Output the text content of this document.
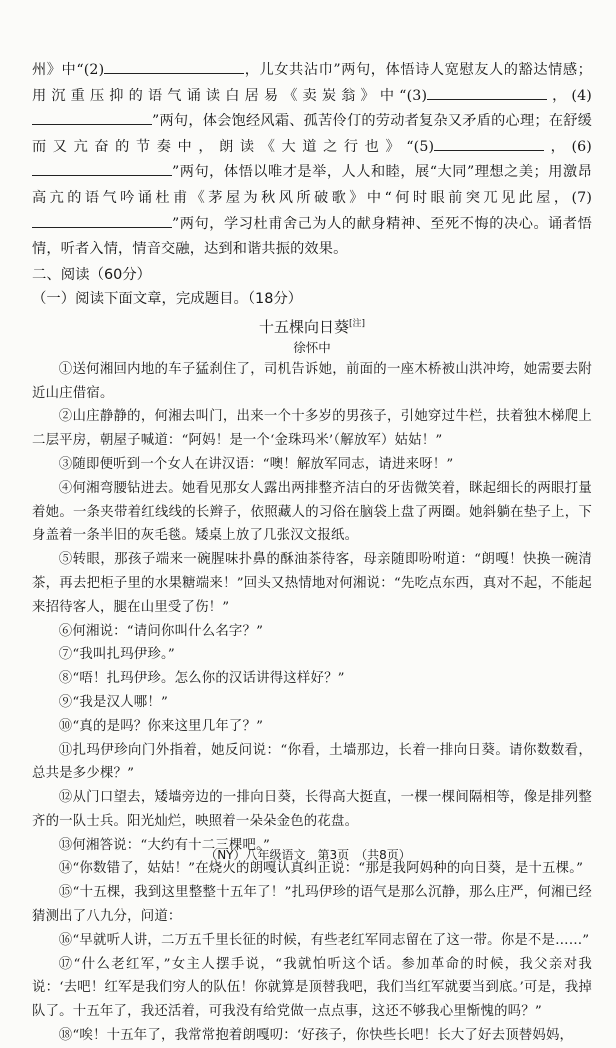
州》中“(2)	，儿女共沾巾”两句，体悟诗人宽慰友人的豁达情感；用沉重压抑的语气诵读白居易《卖炭翁》中“(3)	，(4)”两句，体会饱经风霜、孤苦伶仃的劳动者复杂又矛盾的心理；在舒缓而又亢奋的节奏中，朗读《大道之行也》“(5)	，(6)”两句，体悟以唯才是举，人人和睦，展“大同”理想之美；用激昂高亢的语气吟诵杜甫《茅屋为秋风所破歌》中“何时眼前突兀见此屋，(7)”两句，学习杜甫舍己为人的献身精神、至死不悔的决心。诵者悟情，听者入情，情音交融，达到和谐共振的效果。

二、阅读（60分）
（一）阅读下面文章，完成题目。（18分）
十五棵向日葵[注]
徐怀中

①送何湘回内地的车子猛刹住了，司机告诉她，前面的一座木桥被山洪冲垮，她需要去附近山庄借宿。

②山庄静静的，何湘去叫门，出来一个十多岁的男孩子，引她穿过牛栏，扶着独木梯爬上二层平房，朝屋子喊道：“阿妈！是一个‘金珠玛米’（解放军）姑姑！”

③随即便听到一个女人在讲汉语：“噢！解放军同志，请进来呀！”

④何湘弯腰钻进去。她看见那女人露出两排整齐洁白的牙齿微笑着，眯起细长的两眼打量着她。一条夹带着红线线的长辫子，依照藏人的习俗在脑袋上盘了两圈。她斜躺在垫子上，下身盖着一条半旧的灰毛毯。矮桌上放了几张汉文报纸。

⑤转眼，那孩子端来一碗腥味扑鼻的酥油茶待客，母亲随即吩咐道：“朗嘎！快换一碗清茶，再去把柜子里的水果糖端来！”回头又热情地对何湘说：“先吃点东西，真对不起，不能起来招待客人，腿在山里受了伤！”

⑥何湘说：“请问你叫什么名字？”

⑦“我叫扎玛伊珍。”

⑧“唔！扎玛伊珍。怎么你的汉话讲得这样好？”

⑨“我是汉人哪！”

⑩“真的是吗？你来这里几年了？”

⑪扎玛伊珍向门外指着，她反问说：“你看，土墙那边，长着一排向日葵。请你数数看，总共是多少棵？”

⑫从门口望去，矮墙旁边的一排向日葵，长得高大挺直，一棵一棵间隔相等，像是排列整齐的一队士兵。阳光灿烂，映照着一朵朵金色的花盘。

⑬何湘答说：“大约有十二三棵吧。”

⑭“你数错了，姑姑！”在烧火的朗嘎认真纠正说：“那是我阿妈种的向日葵，是十五棵。”

⑮“十五棵，我到这里整整十五年了！”扎玛伊珍的语气是那么沉静，那么庄严，何湘已经猜测出了八九分，问道：

⑯“早就听人讲，二万五千里长征的时候，有些老红军同志留在了这一带。你是不是……”

⑰“什么老红军，”女主人摆手说，“我就怕听这个话。参加革命的时候，我父亲对我说：‘去吧！红军是我们穷人的队伍！你就算是顶替我吧，我们当红军就要当到底。’可是，我掉队了。十五年了，我还活着，可我没有给党做一点点事，这还不够我心里惭愧的吗？”

⑱“唉！十五年了，我常常抱着朗嘎叨：‘好孩子，你快些长吧！长大了好去顶替妈妈，

（NY）八年级语文　第3页　（共8页）
